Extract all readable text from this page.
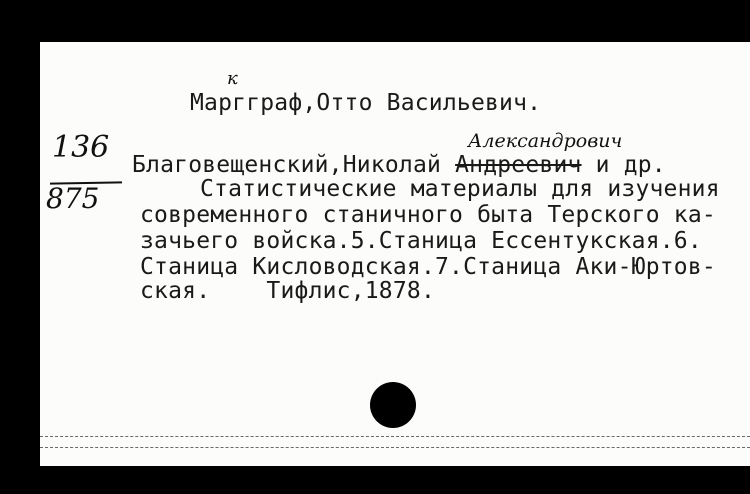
к
Маргграф,Отто Васильевич.
136
875
Александрович
Благовещенский,Николай Андреевич и др.
Статистические материалы для изучения
современного станичного быта Терского ка-
зачьего войска.5.Станица Ессентукская.6.
Станица Кисловодская.7.Станица Аки-Юртов-
ская.    Тифлис,1878.
